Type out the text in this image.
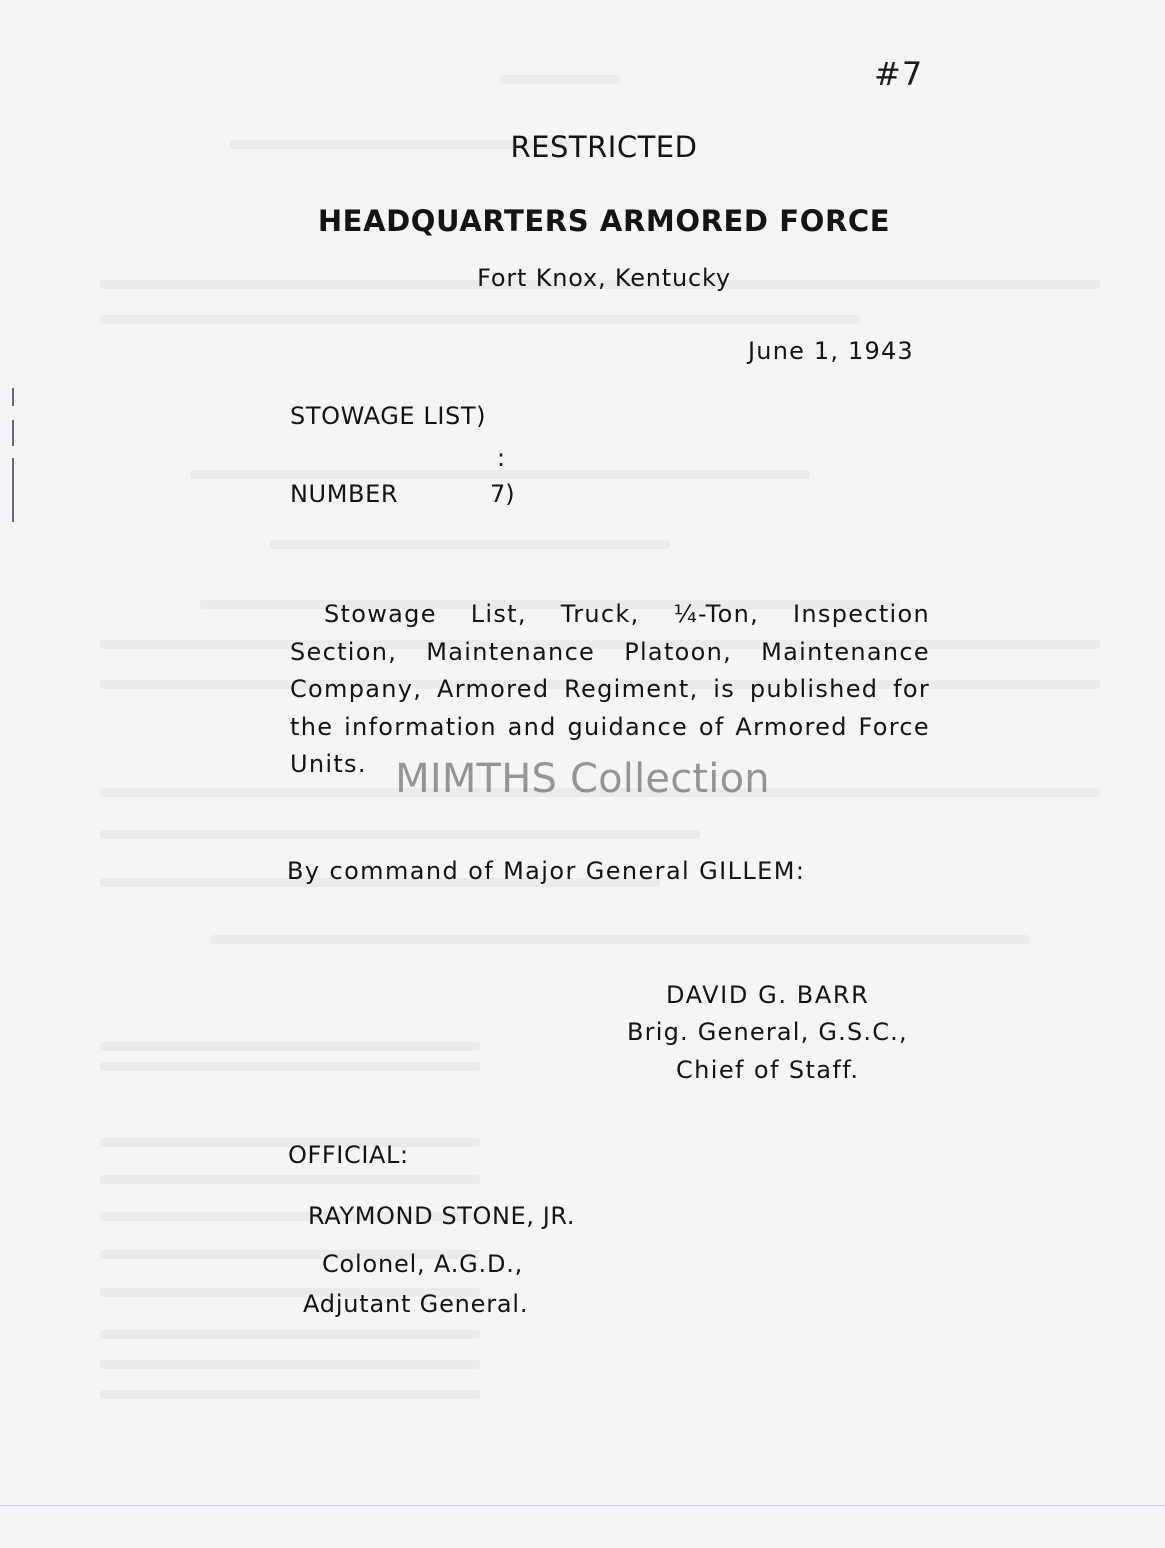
#7
RESTRICTED
HEADQUARTERS ARMORED FORCE
Fort Knox, Kentucky
June 1, 1943
STOWAGE LIST)
:
NUMBER	7)
Stowage List, Truck, ¼-Ton, Inspection Section, Maintenance Platoon, Maintenance Company, Armored Regiment, is published for the information and guidance of Armored Force Units.
By command of Major General GILLEM:
DAVID G. BARR
Brig. General, G.S.C.,
Chief of Staff.
OFFICIAL:
RAYMOND STONE, JR.
Colonel, A.G.D.,
Adjutant General.
MIMTHS Collection
